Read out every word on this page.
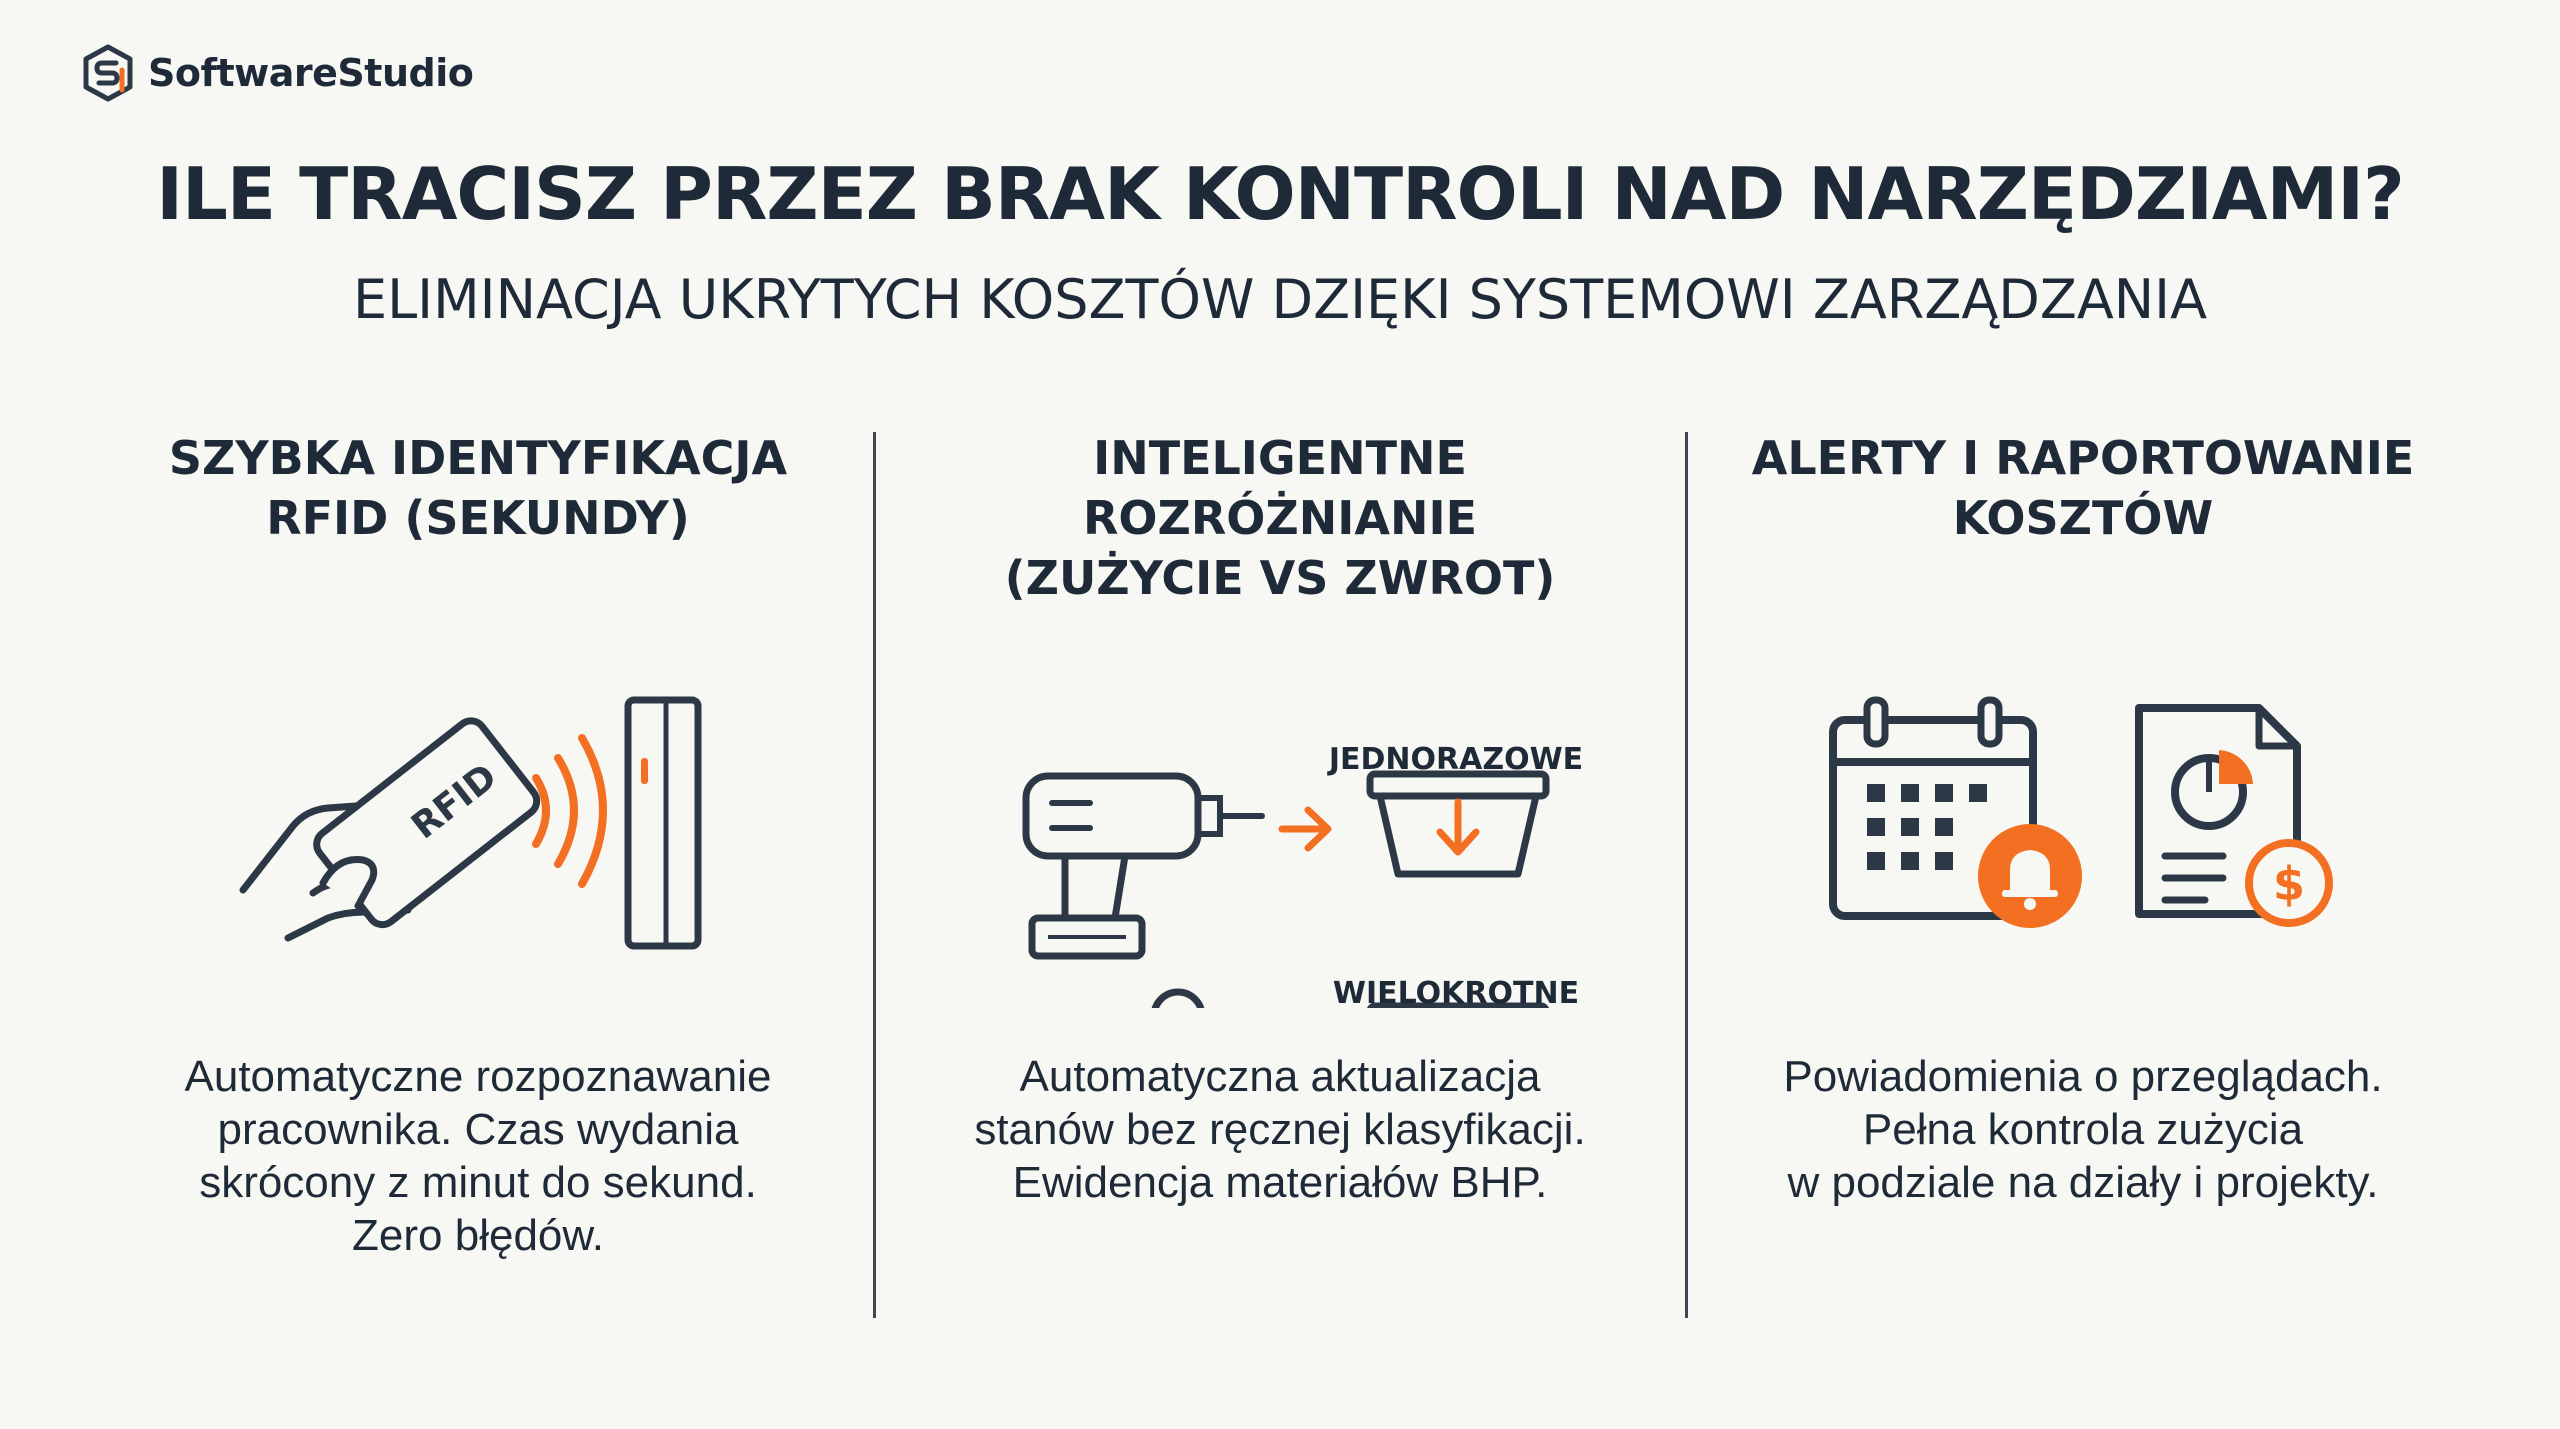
SoftwareStudio
ILE TRACISZ PRZEZ BRAK KONTROLI NAD NARZĘDZIAMI?
ELIMINACJA UKRYTYCH KOSZTÓW DZIĘKI SYSTEMOWI ZARZĄDZANIA
SZYBKA IDENTYFIKACJA
RFID (SEKUNDY)
RFID
Automatyczne rozpoznawanie
pracownika. Czas wydania
skrócony z minut do sekund.
Zero błędów.
INTELIGENTNE ROZRÓŻNIANIE
(ZUŻYCIE VS ZWROT)
JEDNORAZOWE
WIELOKROTNE
Automatyczna aktualizacja
stanów bez ręcznej klasyfikacji.
Ewidencja materiałów BHP.
ALERTY I RAPORTOWANIE
KOSZTÓW
$
Powiadomienia o przeglądach.
Pełna kontrola zużycia
w podziale na działy i projekty.
